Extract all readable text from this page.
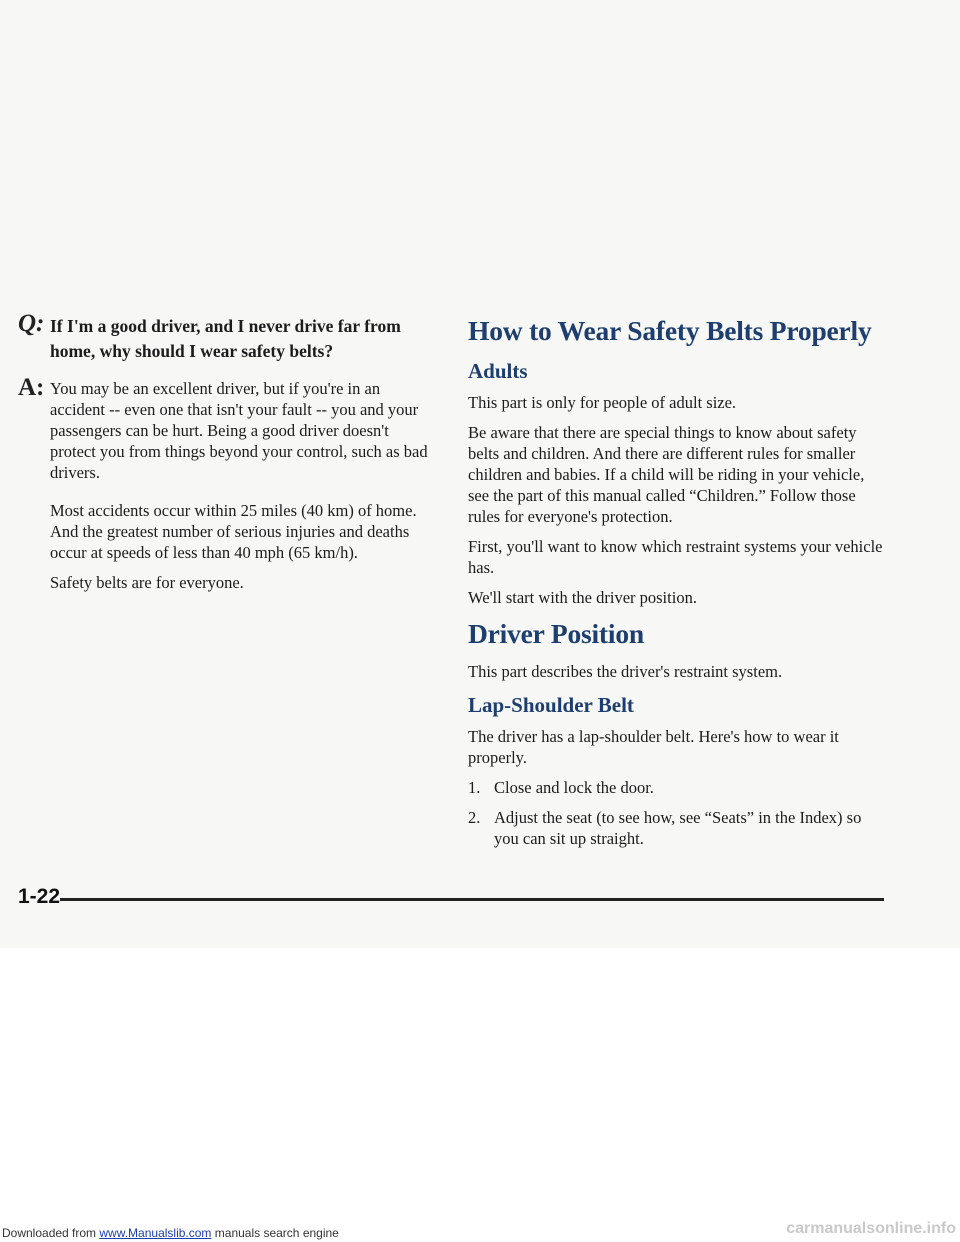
Q: If I'm a good driver, and I never drive far from home, why should I wear safety belts?

A: You may be an excellent driver, but if you're in an accident -- even one that isn't your fault -- you and your passengers can be hurt. Being a good driver doesn't protect you from things beyond your control, such as bad drivers.

Most accidents occur within 25 miles (40 km) of home. And the greatest number of serious injuries and deaths occur at speeds of less than 40 mph (65 km/h).

Safety belts are for everyone.

How to Wear Safety Belts Properly
Adults

This part is only for people of adult size.

Be aware that there are special things to know about safety belts and children. And there are different rules for smaller children and babies. If a child will be riding in your vehicle, see the part of this manual called “Children.” Follow those rules for everyone's protection.

First, you'll want to know which restraint systems your vehicle has.

We'll start with the driver position.

Driver Position

This part describes the driver's restraint system.

Lap-Shoulder Belt

The driver has a lap-shoulder belt. Here's how to wear it properly.

1. Close and lock the door.
2. Adjust the seat (to see how, see “Seats” in the Index) so you can sit up straight.
1-22
Downloaded from www.Manualslib.com manuals search engine	carmanualsonline.info
